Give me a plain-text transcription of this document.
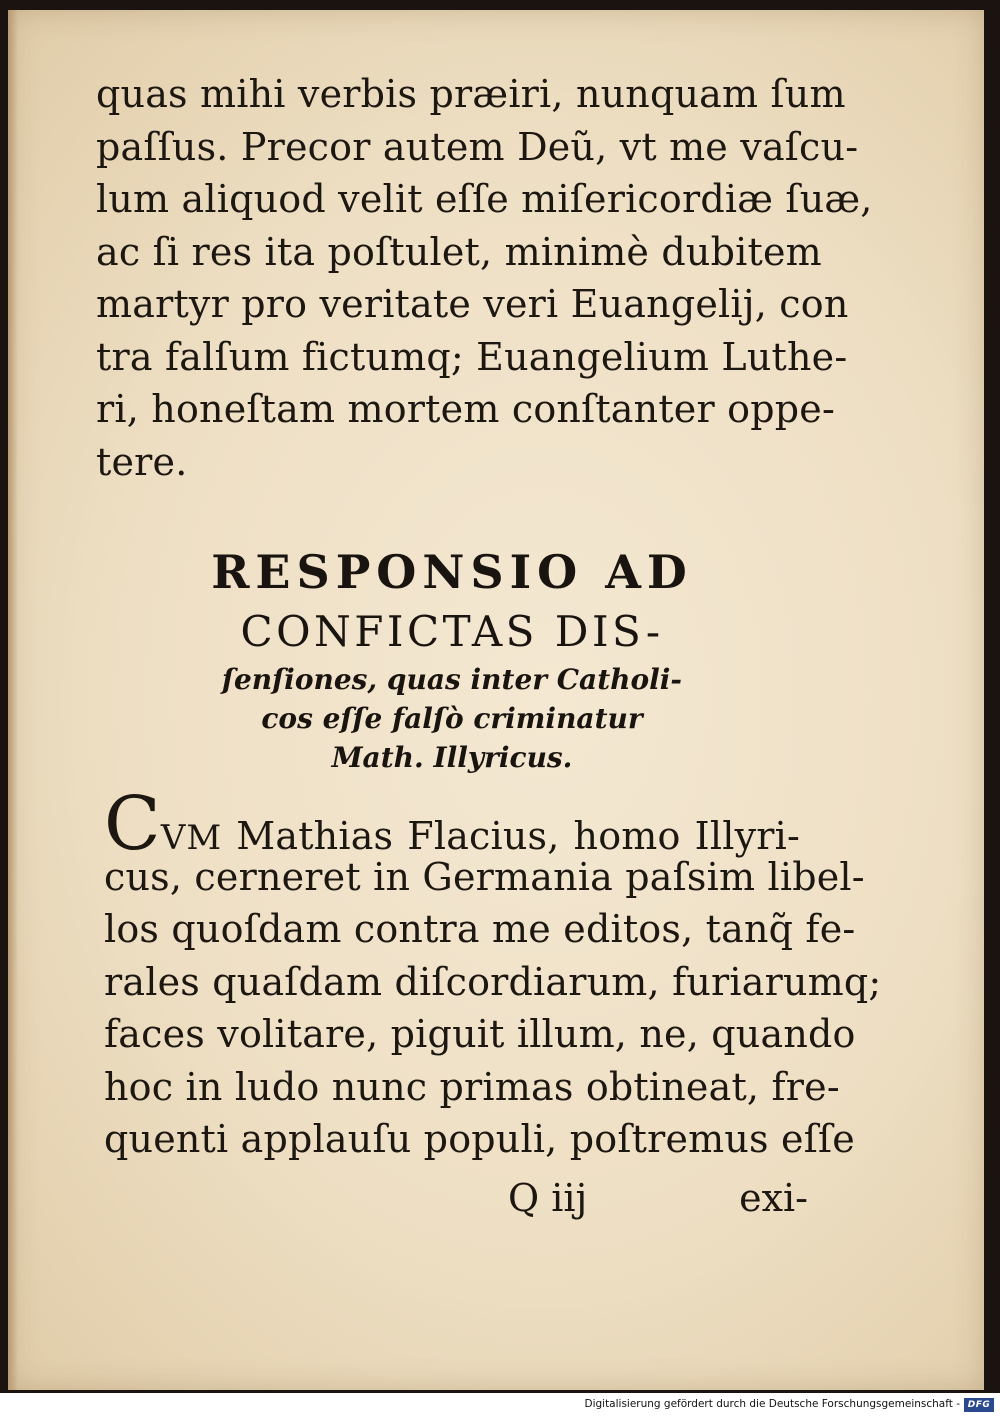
quas mihi verbis præiri, nunquam ſum
paſſus. Precor autem Deũ, vt me vaſcu-
lum aliquod velit eſſe miſericordiæ ſuæ,
ac ſi res ita poſtulet, minimè dubitem
martyr pro veritate veri Euangelij, con
tra falſum fictumq; Euangelium Luthe-
ri, honeſtam mortem conſtanter oppe-
tere.
RESPONSIO AD
CONFICTAS DIS-
ſenſiones, quas inter Catholi-
cos eſſe falſò criminatur
Math. Illyricus.
CVM Mathias Flacius, homo Illyri-
cus, cerneret in Germania paſsim libel-
los quoſdam contra me editos, tanq̃ fe-
rales quaſdam diſcordiarum, furiarumq;
faces volitare, piguit illum, ne, quando
hoc in ludo nunc primas obtineat, fre-
quenti applauſu populi, poſtremus eſſe
Q iij	exi-
Digitalisierung gefördert durch die Deutsche Forschungsgemeinschaft - DFG
